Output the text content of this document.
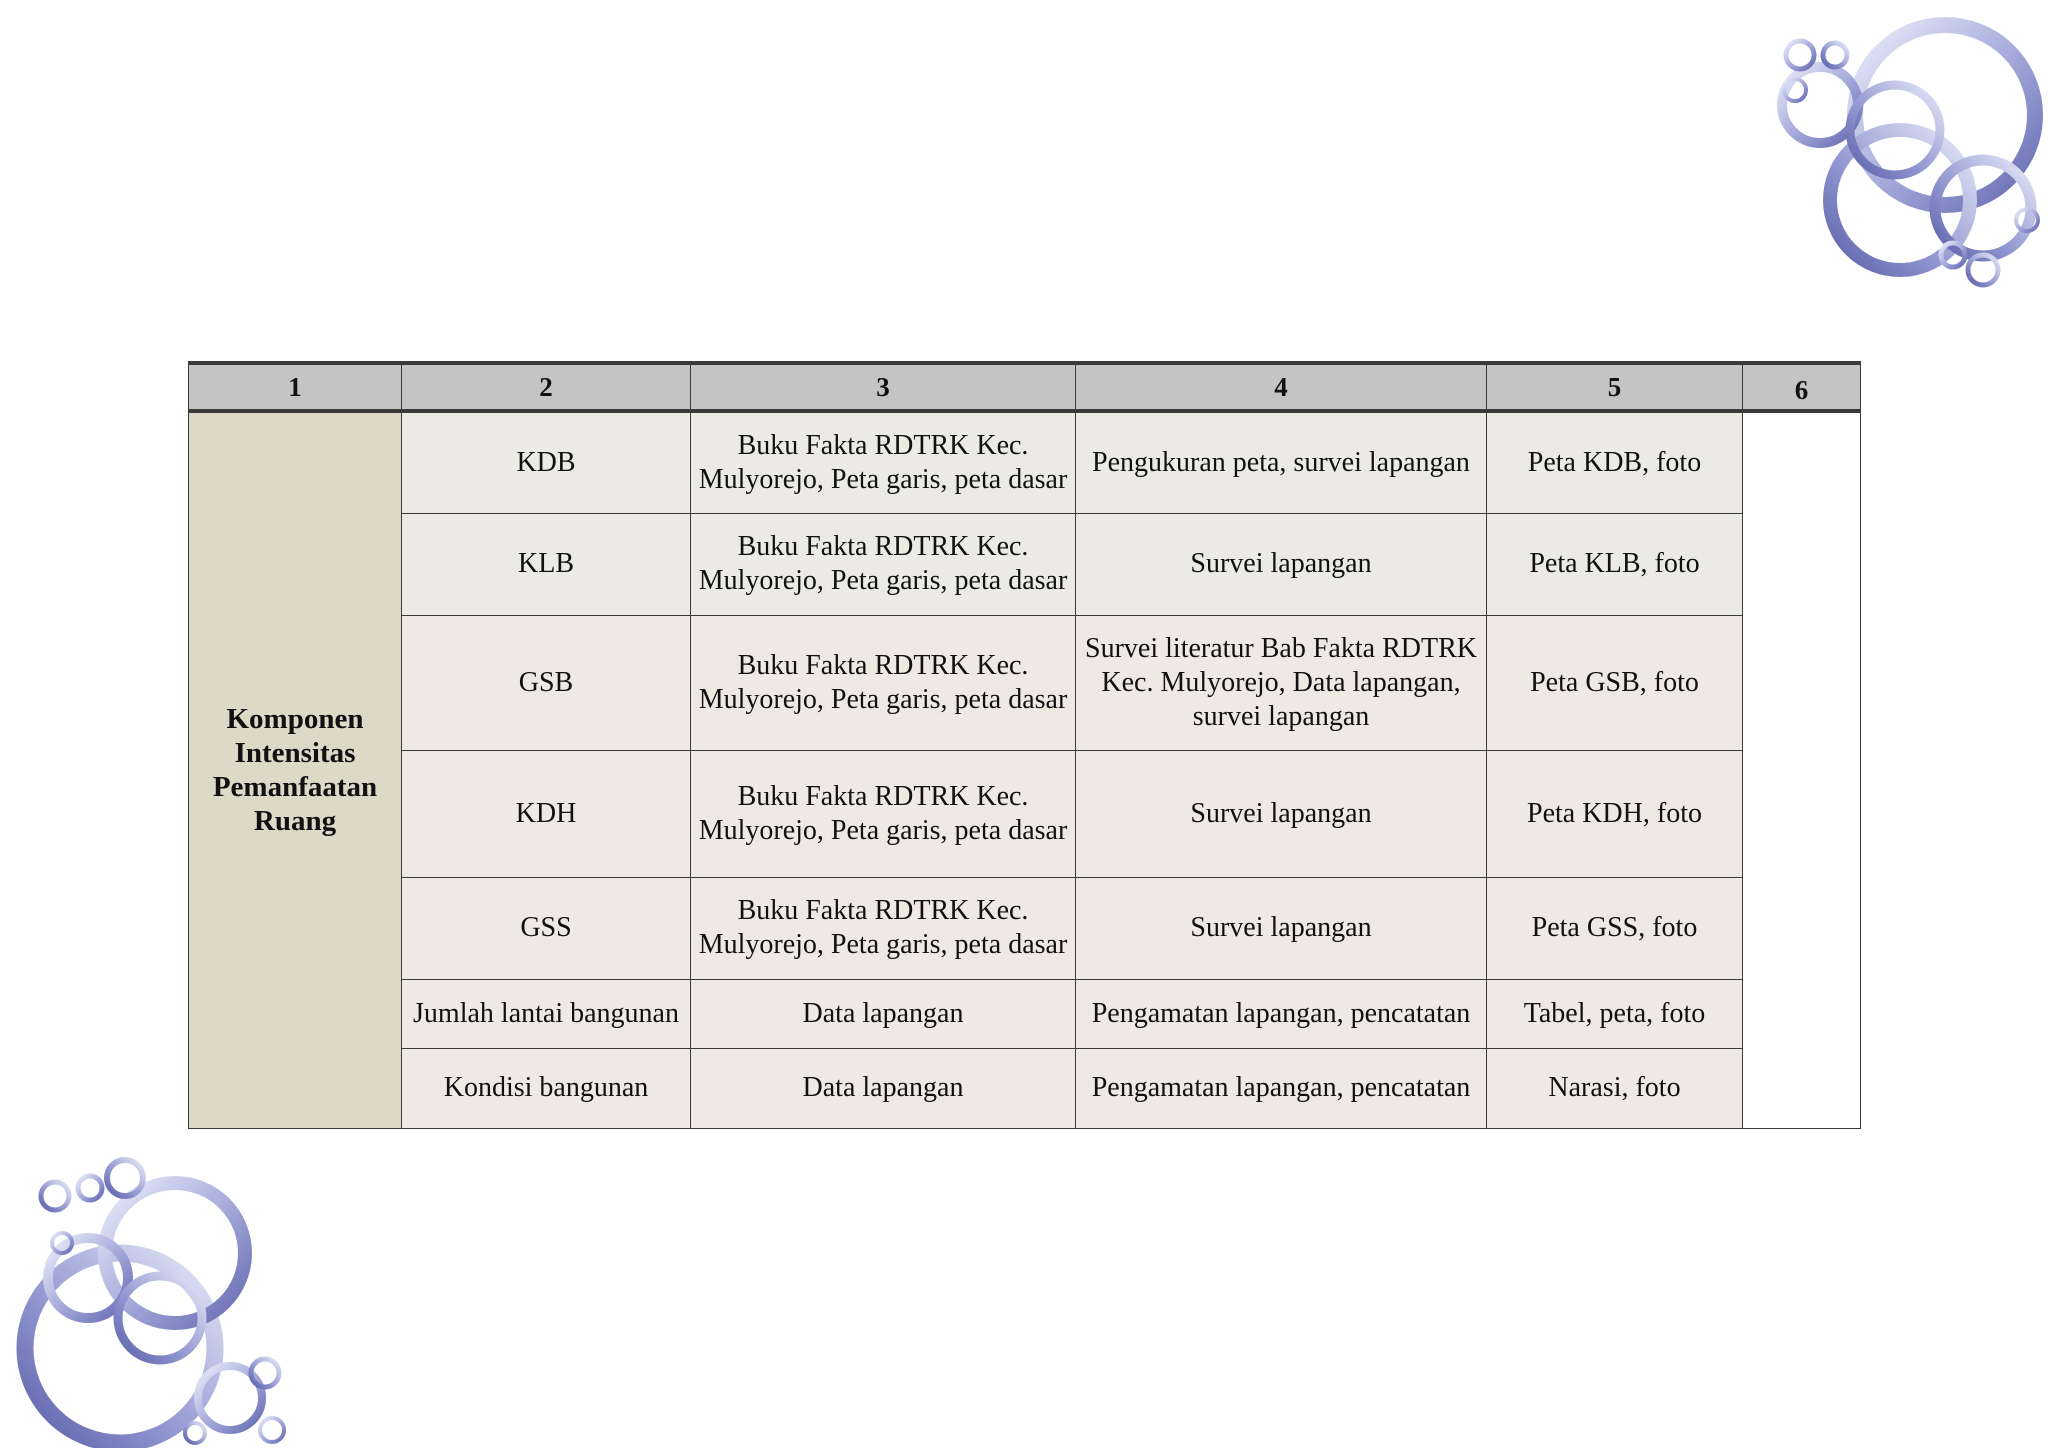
1	2	3	4	5	6
Komponen Intensitas Pemanfaatan Ruang	KDB	Buku Fakta RDTRK Kec. Mulyorejo, Peta garis, peta dasar	Pengukuran peta, survei lapangan	Peta KDB, foto	
	KLB	Buku Fakta RDTRK Kec. Mulyorejo, Peta garis, peta dasar	Survei lapangan	Peta KLB, foto	
	GSB	Buku Fakta RDTRK Kec. Mulyorejo, Peta garis, peta dasar	Survei literatur Bab Fakta RDTRK Kec. Mulyorejo, Data lapangan, survei lapangan	Peta GSB, foto	
	KDH	Buku Fakta RDTRK Kec. Mulyorejo, Peta garis, peta dasar	Survei lapangan	Peta KDH, foto	
	GSS	Buku Fakta RDTRK Kec. Mulyorejo, Peta garis, peta dasar	Survei lapangan	Peta GSS, foto	
	Jumlah lantai bangunan	Data lapangan	Pengamatan lapangan, pencatatan	Tabel, peta, foto	
	Kondisi bangunan	Data lapangan	Pengamatan lapangan, pencatatan	Narasi, foto	
